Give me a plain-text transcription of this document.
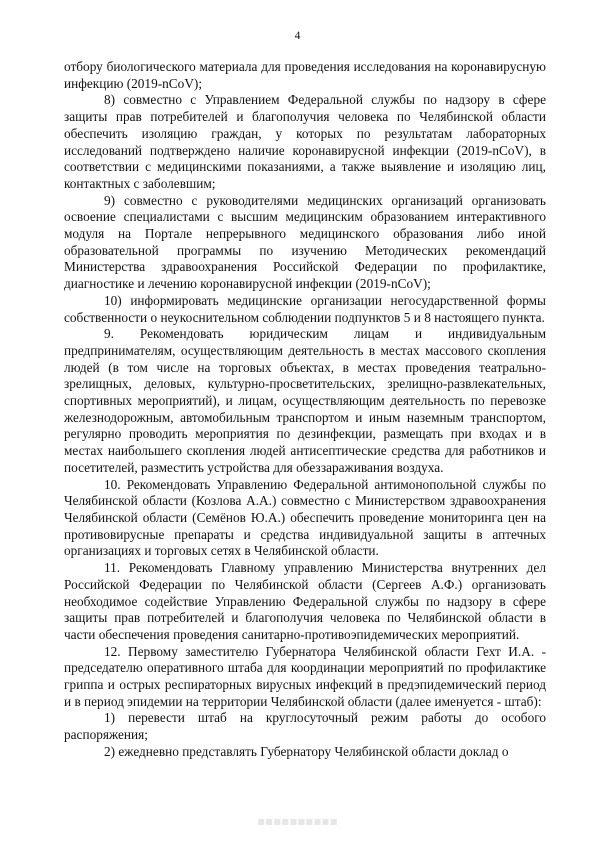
4

отбору биологического материала для проведения исследования на коронавирусную инфекцию (2019-nCoV);

8) совместно с Управлением Федеральной службы по надзору в сфере защиты прав потребителей и благополучия человека по Челябинской области обеспечить изоляцию граждан, у которых по результатам лабораторных исследований подтверждено наличие коронавирусной инфекции (2019-nCoV), в соответствии с медицинскими показаниями, а также выявление и изоляцию лиц, контактных с заболевшим;

9) совместно с руководителями медицинских организаций организовать освоение специалистами с высшим медицинским образованием интерактивного модуля на Портале непрерывного медицинского образования либо иной образовательной программы по изучению Методических рекомендаций Министерства здравоохранения Российской Федерации по профилактике, диагностике и лечению коронавирусной инфекции (2019-nCoV);

10) информировать медицинские организации негосударственной формы собственности о неукоснительном соблюдении подпунктов 5 и 8 настоящего пункта.

9. Рекомендовать юридическим лицам и индивидуальным предпринимателям, осуществляющим деятельность в местах массового скопления людей (в том числе на торговых объектах, в местах проведения театрально-зрелищных, деловых, культурно-просветительских, зрелищно-развлекательных, спортивных мероприятий), и лицам, осуществляющим деятельность по перевозке железнодорожным, автомобильным транспортом и иным наземным транспортом, регулярно проводить мероприятия по дезинфекции, размещать при входах и в местах наибольшего скопления людей антисептические средства для работников и посетителей, разместить устройства для обеззараживания воздуха.

10. Рекомендовать Управлению Федеральной антимонопольной службы по Челябинской области (Козлова А.А.) совместно с Министерством здравоохранения Челябинской области (Семёнов Ю.А.) обеспечить проведение мониторинга цен на противовирусные препараты и средства индивидуальной защиты в аптечных организациях и торговых сетях в Челябинской области.

11. Рекомендовать Главному управлению Министерства внутренних дел Российской Федерации по Челябинской области (Сергеев А.Ф.) организовать необходимое содействие Управлению Федеральной службы по надзору в сфере защиты прав потребителей и благополучия человека по Челябинской области в части обеспечения проведения санитарно-противоэпидемических мероприятий.

12. Первому заместителю Губернатора Челябинской области Гехт И.А. - председателю оперативного штаба для координации мероприятий по профилактике гриппа и острых респираторных вирусных инфекций в предэпидемический период и в период эпидемии на территории Челябинской области (далее именуется - штаб):

1) перевести штаб на круглосуточный режим работы до особого распоряжения;

2) ежедневно представлять Губернатору Челябинской области доклад о

■■■■■■■■■■
